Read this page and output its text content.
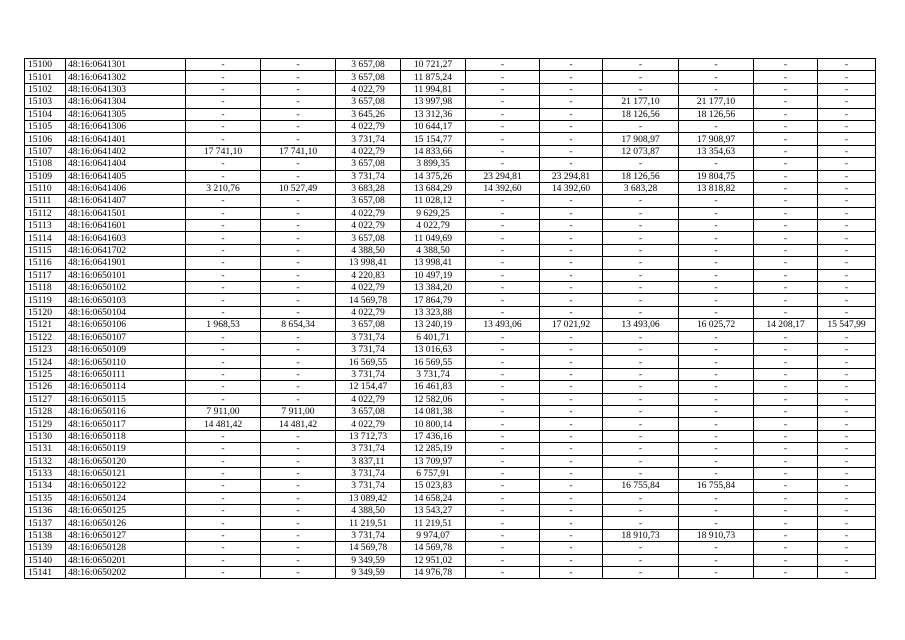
15100	48:16:0641301	-	-	3 657,08	10 721,27	-	-	-	-	-	-
15101	48:16:0641302	-	-	3 657,08	11 875,24	-	-	-	-	-	-
15102	48:16:0641303	-	-	4 022,79	11 994,81	-	-	-	-	-	-
15103	48:16:0641304	-	-	3 657,08	13 997,98	-	-	21 177,10	21 177,10	-	-
15104	48:16:0641305	-	-	3 645,26	13 312,36	-	-	18 126,56	18 126,56	-	-
15105	48:16:0641306	-	-	4 022,79	10 644,17	-	-	-	-	-	-
15106	48:16:0641401	-	-	3 731,74	15 154,77	-	-	17 908,97	17 908,97	-	-
15107	48:16:0641402	17 741,10	17 741,10	4 022,79	14 833,66	-	-	12 073,87	13 354,63	-	-
15108	48:16:0641404	-	-	3 657,08	3 899,35	-	-	-	-	-	-
15109	48:16:0641405	-	-	3 731,74	14 375,26	23 294,81	23 294,81	18 126,56	19 804,75	-	-
15110	48:16:0641406	3 210,76	10 527,49	3 683,28	13 684,29	14 392,60	14 392,60	3 683,28	13 818,82	-	-
15111	48:16:0641407	-	-	3 657,08	11 028,12	-	-	-	-	-	-
15112	48:16:0641501	-	-	4 022,79	9 629,25	-	-	-	-	-	-
15113	48:16:0641601	-	-	4 022,79	4 022,79	-	-	-	-	-	-
15114	48:16:0641603	-	-	3 657,08	11 049,69	-	-	-	-	-	-
15115	48:16:0641702	-	-	4 388,50	4 388,50	-	-	-	-	-	-
15116	48:16:0641901	-	-	13 998,41	13 998,41	-	-	-	-	-	-
15117	48:16:0650101	-	-	4 220,83	10 497,19	-	-	-	-	-	-
15118	48:16:0650102	-	-	4 022,79	13 384,20	-	-	-	-	-	-
15119	48:16:0650103	-	-	14 569,78	17 864,79	-	-	-	-	-	-
15120	48:16:0650104	-	-	4 022,79	13 323,88	-	-	-	-	-	-
15121	48:16:0650106	1 968,53	8 654,34	3 657,08	13 240,19	13 493,06	17 021,92	13 493,06	16 025,72	14 208,17	15 547,99
15122	48:16:0650107	-	-	3 731,74	6 401,71	-	-	-	-	-	-
15123	48:16:0650109	-	-	3 731,74	13 016,63	-	-	-	-	-	-
15124	48:16:0650110	-	-	16 569,55	16 569,55	-	-	-	-	-	-
15125	48:16:0650111	-	-	3 731,74	3 731,74	-	-	-	-	-	-
15126	48:16:0650114	-	-	12 154,47	16 461,83	-	-	-	-	-	-
15127	48:16:0650115	-	-	4 022,79	12 582,06	-	-	-	-	-	-
15128	48:16:0650116	7 911,00	7 911,00	3 657,08	14 081,38	-	-	-	-	-	-
15129	48:16:0650117	14 481,42	14 481,42	4 022,79	10 800,14	-	-	-	-	-	-
15130	48:16:0650118	-	-	13 712,73	17 436,16	-	-	-	-	-	-
15131	48:16:0650119	-	-	3 731,74	12 285,19	-	-	-	-	-	-
15132	48:16:0650120	-	-	3 837,11	13 709,97	-	-	-	-	-	-
15133	48:16:0650121	-	-	3 731,74	6 757,91	-	-	-	-	-	-
15134	48:16:0650122	-	-	3 731,74	15 023,83	-	-	16 755,84	16 755,84	-	-
15135	48:16:0650124	-	-	13 089,42	14 658,24	-	-	-	-	-	-
15136	48:16:0650125	-	-	4 388,50	13 543,27	-	-	-	-	-	-
15137	48:16:0650126	-	-	11 219,51	11 219,51	-	-	-	-	-	-
15138	48:16:0650127	-	-	3 731,74	9 974,07	-	-	18 910,73	18 910,73	-	-
15139	48:16:0650128	-	-	14 569,78	14 569,78	-	-	-	-	-	-
15140	48:16:0650201	-	-	9 349,59	12 951,02	-	-	-	-	-	-
15141	48:16:0650202	-	-	9 349,59	14 976,78	-	-	-	-	-	-
